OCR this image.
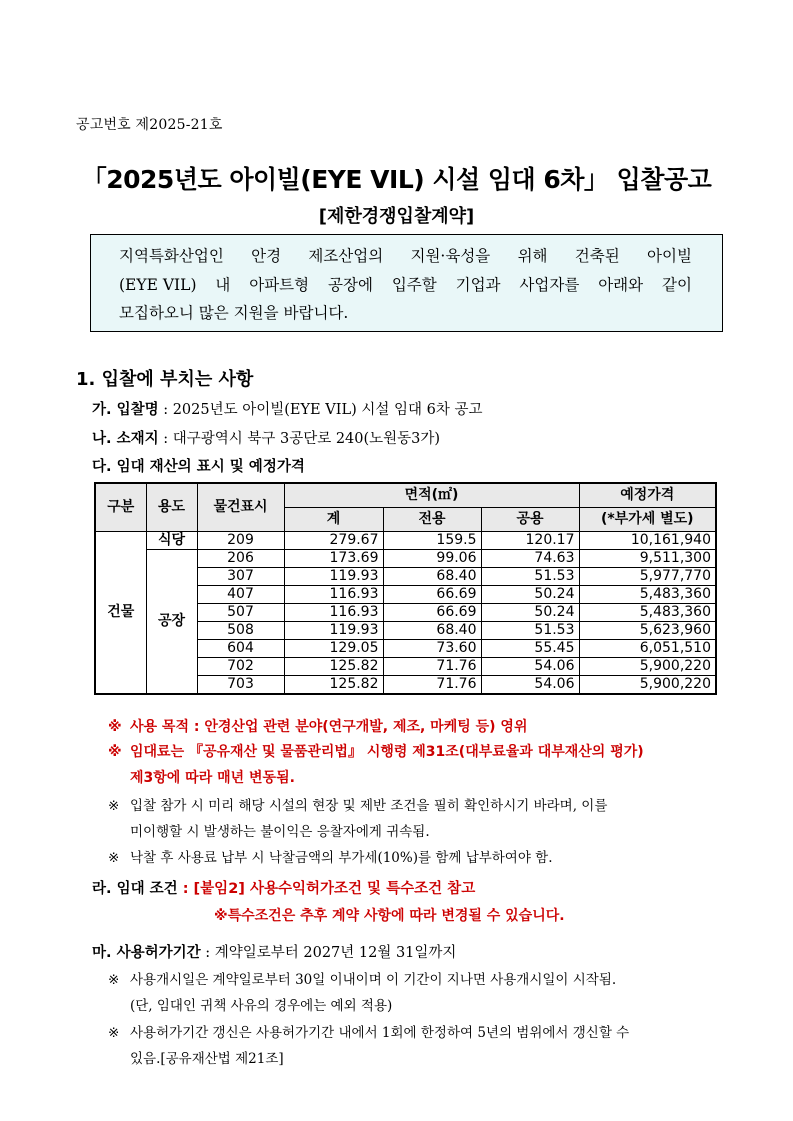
공고번호 제2025-21호
「2025년도 아이빌(EYE VIL) 시설 임대 6차」 입찰공고
[제한경쟁입찰계약]
지역특화산업인 안경 제조산업의 지원·육성을 위해 건축된 아이빌
(EYE VIL) 내 아파트형 공장에 입주할 기업과 사업자를 아래와 같이
모집하오니 많은 지원을 바랍니다.
1. 입찰에 부치는 사항
가. 입찰명 : 2025년도 아이빌(EYE VIL) 시설 임대 6차 공고
나. 소재지 : 대구광역시 북구 3공단로 240(노원동3가)
다. 임대 재산의 표시 및 예정가격
구분	용도	물건표시	면적(㎡)			예정가격
			계	전용	공용	(*부가세 별도)
건물	식당	209	279.67	159.5	120.17	10,161,940
	공장	206	173.69	99.06	74.63	9,511,300
		307	119.93	68.40	51.53	5,977,770
		407	116.93	66.69	50.24	5,483,360
		507	116.93	66.69	50.24	5,483,360
		508	119.93	68.40	51.53	5,623,960
		604	129.05	73.60	55.45	6,051,510
		702	125.82	71.76	54.06	5,900,220
		703	125.82	71.76	54.06	5,900,220
※ 사용 목적 : 안경산업 관련 분야(연구개발, 제조, 마케팅 등) 영위
※ 임대료는 『공유재산 및 물품관리법』 시행령 제31조(대부료율과 대부재산의 평가)
제3항에 따라 매년 변동됨.
※ 입찰 참가 시 미리 해당 시설의 현장 및 제반 조건을 필히 확인하시기 바라며, 이를
미이행할 시 발생하는 불이익은 응찰자에게 귀속됨.
※ 낙찰 후 사용료 납부 시 낙찰금액의 부가세(10%)를 함께 납부하여야 함.
라. 임대 조건 : [붙임2] 사용수익허가조건 및 특수조건 참고
※특수조건은 추후 계약 사항에 따라 변경될 수 있습니다.
마. 사용허가기간 : 계약일로부터 2027년 12월 31일까지
※ 사용개시일은 계약일로부터 30일 이내이며 이 기간이 지나면 사용개시일이 시작됨.
(단, 임대인 귀책 사유의 경우에는 예외 적용)
※ 사용허가기간 갱신은 사용허가기간 내에서 1회에 한정하여 5년의 범위에서 갱신할 수
있음.[공유재산법 제21조]
